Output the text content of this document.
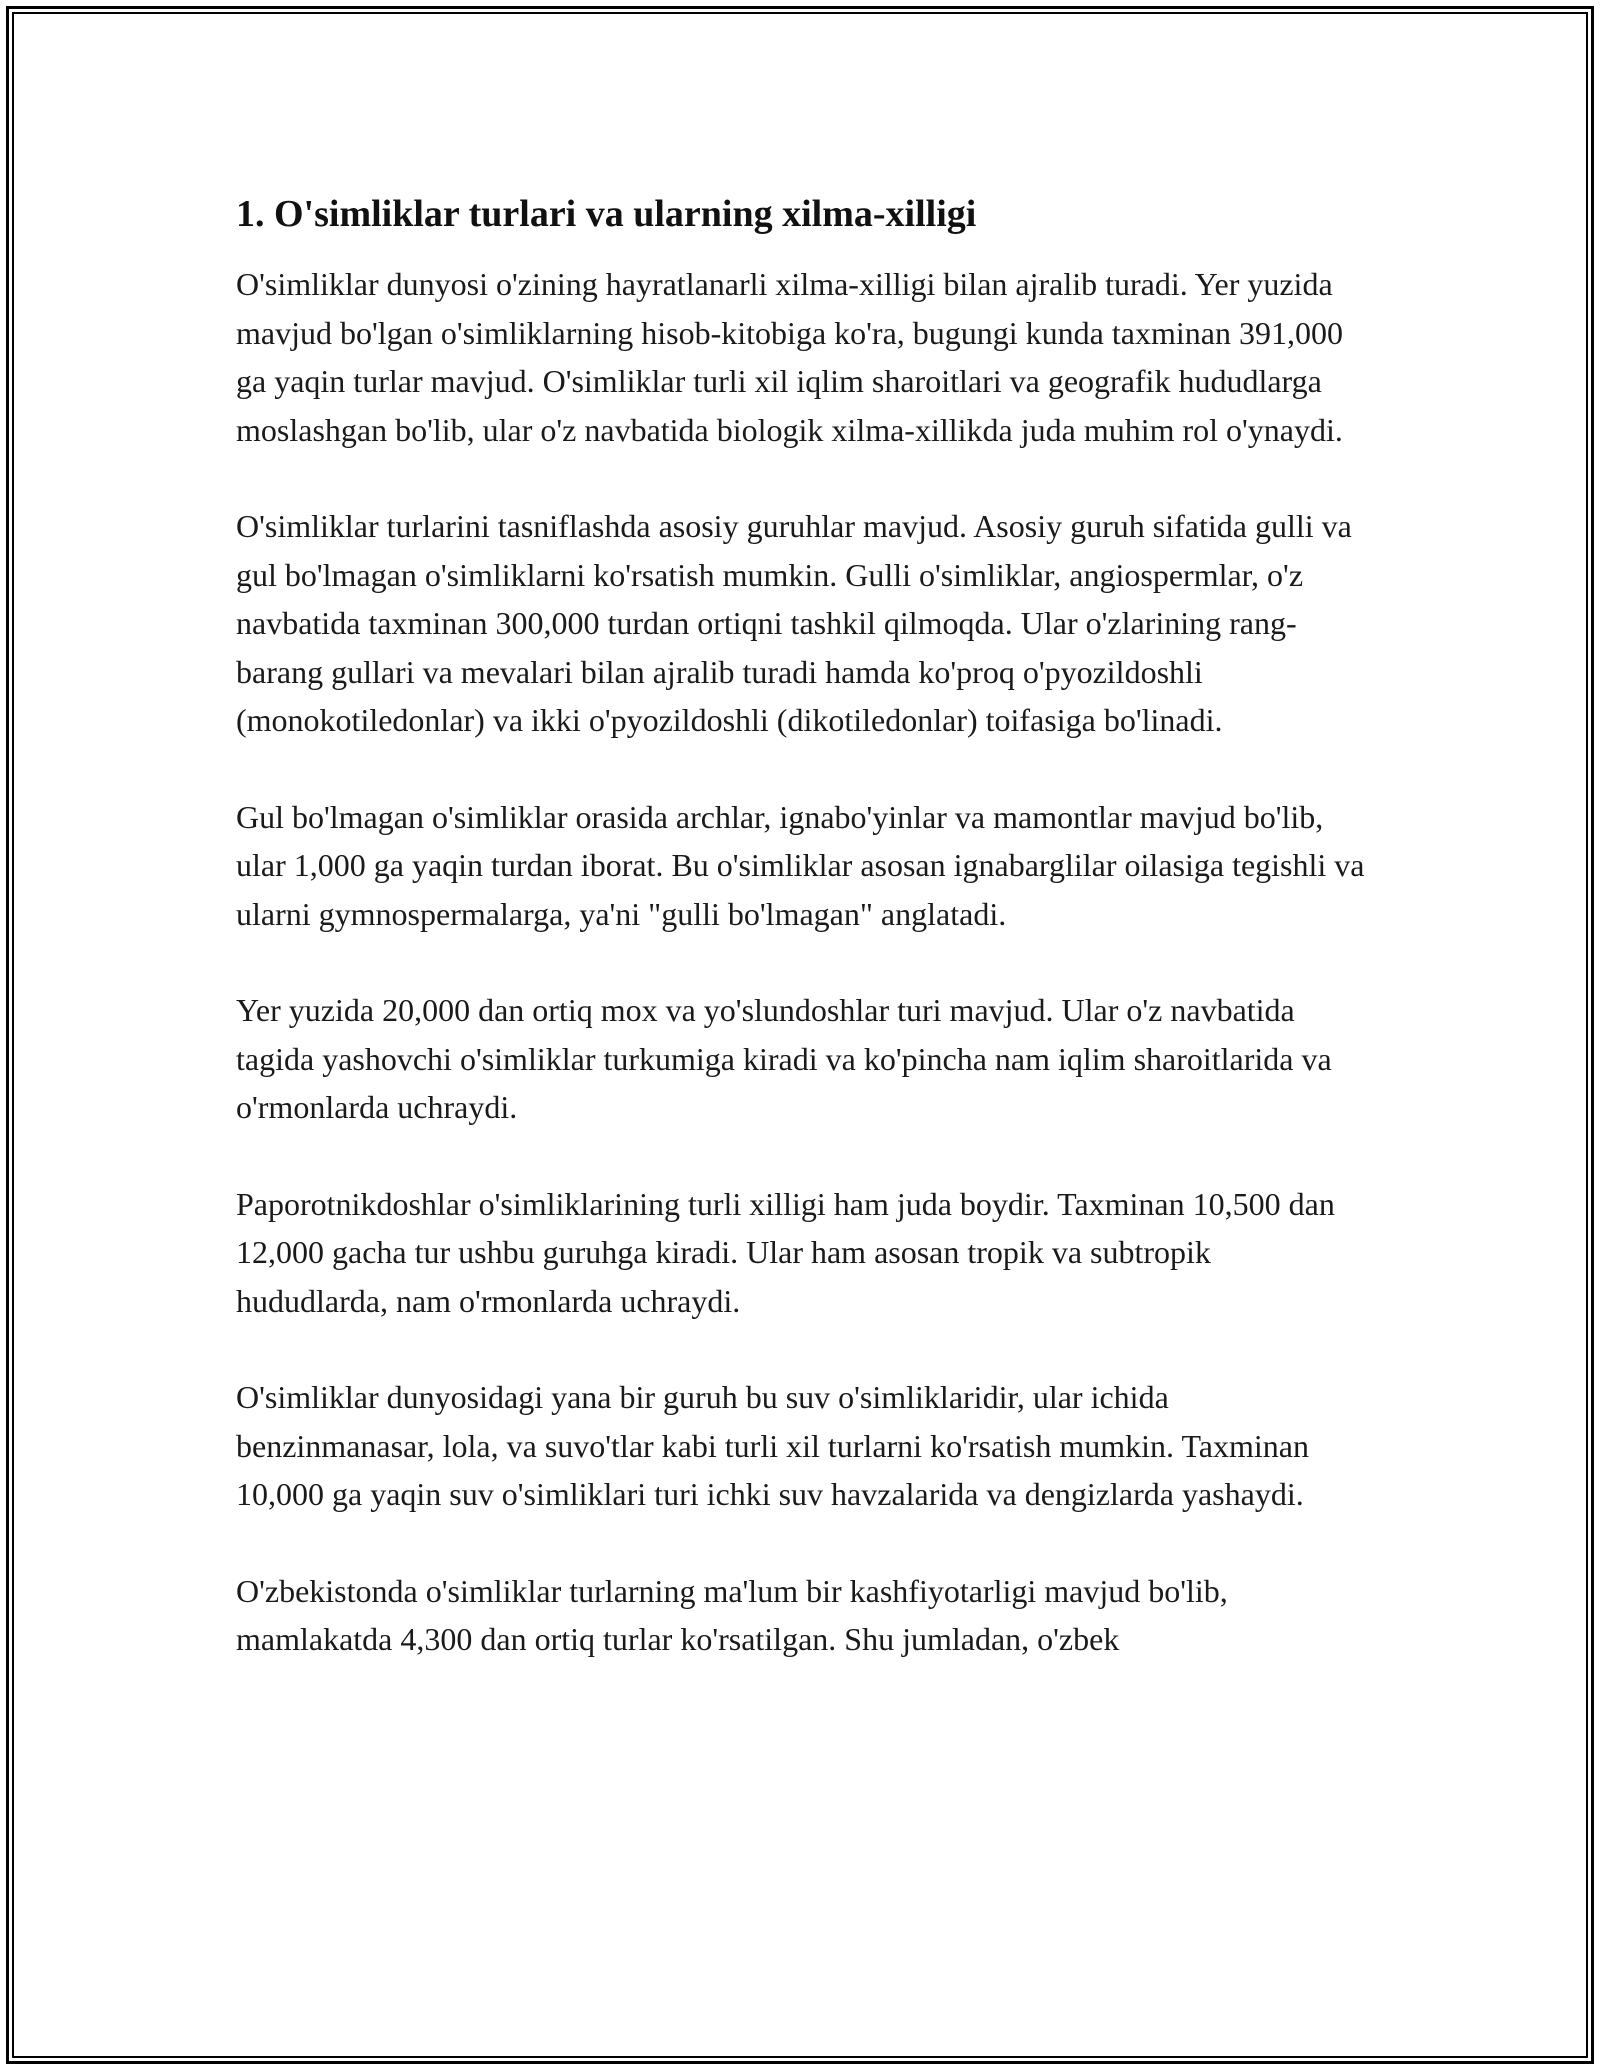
1. O'simliklar turlari va ularning xilma-xilligi

O'simliklar dunyosi o'zining hayratlanarli xilma-xilligi bilan ajralib turadi. Yer yuzida mavjud bo'lgan o'simliklarning hisob-kitobiga ko'ra, bugungi kunda taxminan 391,000 ga yaqin turlar mavjud. O'simliklar turli xil iqlim sharoitlari va geografik hududlarga moslashgan bo'lib, ular o'z navbatida biologik xilma-xillikda juda muhim rol o'ynaydi.

O'simliklar turlarini tasniflashda asosiy guruhlar mavjud. Asosiy guruh sifatida gulli va gul bo'lmagan o'simliklarni ko'rsatish mumkin. Gulli o'simliklar, angiospermlar, o'z navbatida taxminan 300,000 turdan ortiqni tashkil qilmoqda. Ular o'zlarining rang-barang gullari va mevalari bilan ajralib turadi hamda ko'proq o'pyozildoshli (monokotiledonlar) va ikki o'pyozildoshli (dikotiledonlar) toifasiga bo'linadi.

Gul bo'lmagan o'simliklar orasida archlar, ignabo'yinlar va mamontlar mavjud bo'lib, ular 1,000 ga yaqin turdan iborat. Bu o'simliklar asosan ignabarglilar oilasiga tegishli va ularni gymnospermalarga, ya'ni "gulli bo'lmagan" anglatadi.

Yer yuzida 20,000 dan ortiq mox va yo'slundoshlar turi mavjud. Ular o'z navbatida tagida yashovchi o'simliklar turkumiga kiradi va ko'pincha nam iqlim sharoitlarida va o'rmonlarda uchraydi.

Paporotnikdoshlar o'simliklarining turli xilligi ham juda boydir. Taxminan 10,500 dan 12,000 gacha tur ushbu guruhga kiradi. Ular ham asosan tropik va subtropik hududlarda, nam o'rmonlarda uchraydi.

O'simliklar dunyosidagi yana bir guruh bu suv o'simliklaridir, ular ichida benzinmanasar, lola, va suvo'tlar kabi turli xil turlarni ko'rsatish mumkin. Taxminan 10,000 ga yaqin suv o'simliklari turi ichki suv havzalarida va dengizlarda yashaydi.

O'zbekistonda o'simliklar turlarning ma'lum bir kashfiyotarligi mavjud bo'lib, mamlakatda 4,300 dan ortiq turlar ko'rsatilgan. Shu jumladan, o'zbek
